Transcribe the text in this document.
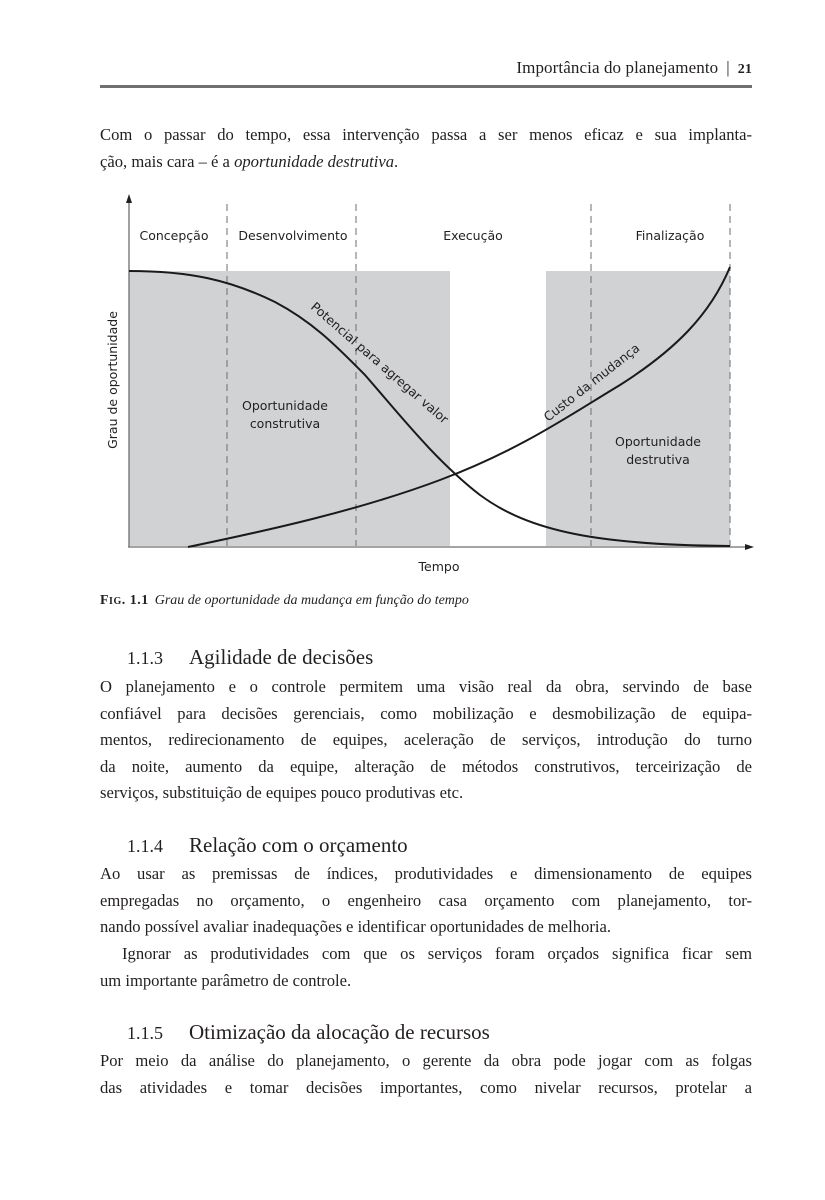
Importância do planejamento | 21
Com o passar do tempo, essa intervenção passa a ser menos eficaz e sua implanta-
ção, mais cara – é a oportunidade destrutiva.
Concepção Desenvolvimento	Execução	Finalização
Oportunidade
construtiva
Oportunidade
destrutiva
Potencial para agregar valor	Custo da mudança
Grau de oportunidade
Tempo
Fig. 1.1 Grau de oportunidade da mudança em função do tempo
1.1.3 Agilidade de decisões
O planejamento e o controle permitem uma visão real da obra, servindo de base
confiável para decisões gerenciais, como mobilização e desmobilização de equipa-
mentos, redirecionamento de equipes, aceleração de serviços, introdução do turno
da noite, aumento da equipe, alteração de métodos construtivos, terceirização de
serviços, substituição de equipes pouco produtivas etc.
1.1.4 Relação com o orçamento
Ao usar as premissas de índices, produtividades e dimensionamento de equipes
empregadas no orçamento, o engenheiro casa orçamento com planejamento, tor-
nando possível avaliar inadequações e identificar oportunidades de melhoria.
Ignorar as produtividades com que os serviços foram orçados significa ficar sem
um importante parâmetro de controle.
1.1.5 Otimização da alocação de recursos
Por meio da análise do planejamento, o gerente da obra pode jogar com as folgas
das atividades e tomar decisões importantes, como nivelar recursos, protelar a
